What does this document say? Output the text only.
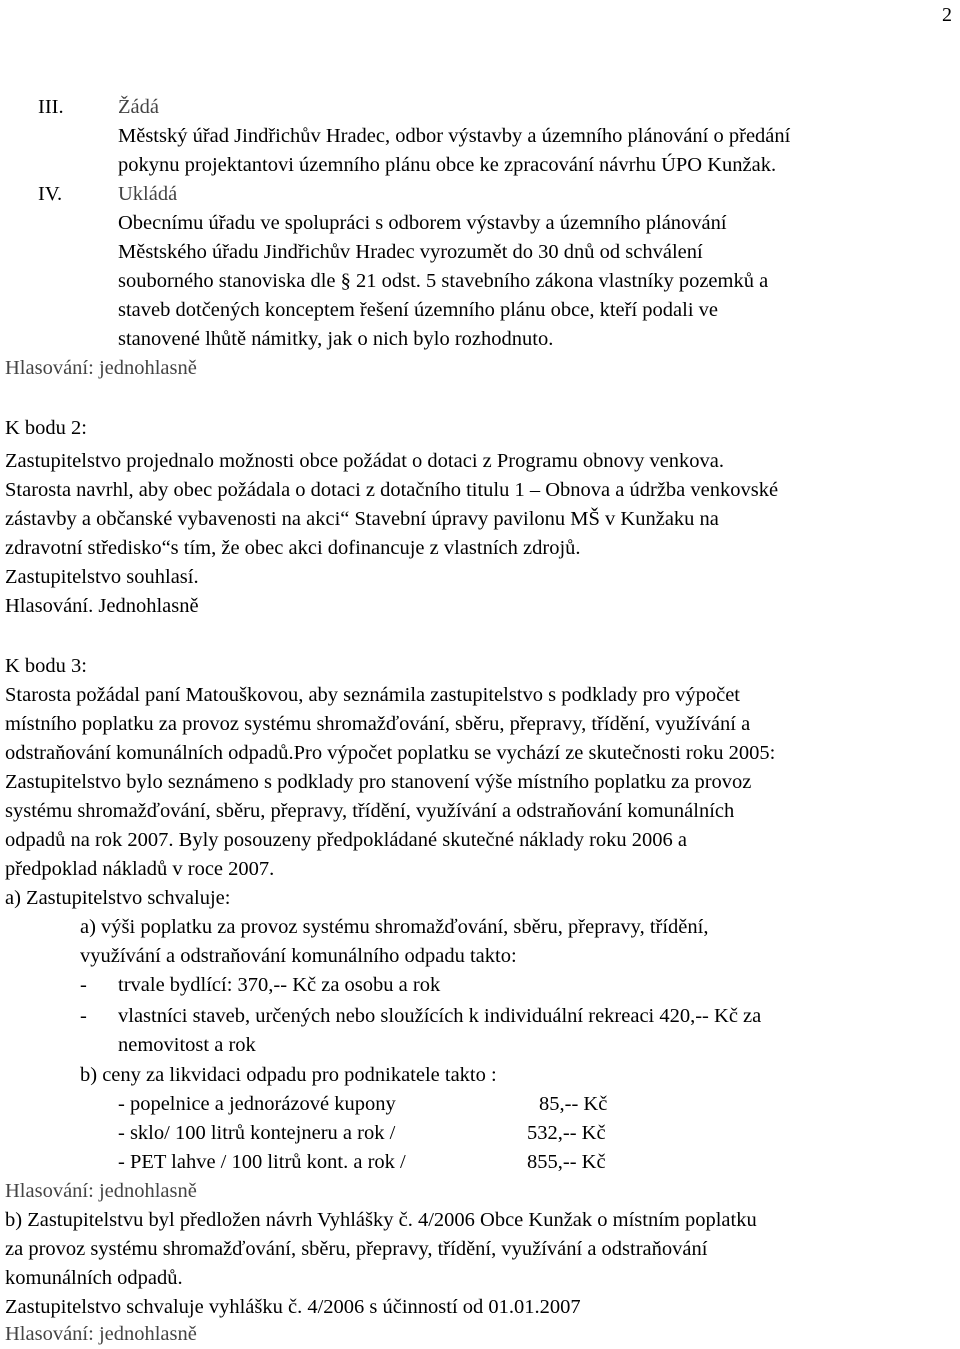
2
III.	Žádá
Městský úřad Jindřichův Hradec, odbor výstavby a územního plánování o předání
pokynu projektantovi územního plánu obce ke zpracování návrhu ÚPO Kunžak.
IV.	Ukládá
Obecnímu úřadu ve spolupráci s odborem výstavby a územního plánování
Městského úřadu Jindřichův Hradec vyrozumět do 30 dnů od schválení
souborného stanoviska dle § 21 odst. 5 stavebního zákona vlastníky pozemků a
staveb dotčených konceptem řešení územního plánu obce, kteří podali ve
stanovené lhůtě námitky, jak o nich bylo rozhodnuto.
Hlasování: jednohlasně
K bodu 2:
Zastupitelstvo projednalo možnosti obce požádat o dotaci z Programu obnovy venkova.
Starosta navrhl, aby obec požádala o dotaci z dotačního titulu 1 – Obnova a údržba venkovské
zástavby a občanské vybavenosti na akci“ Stavební úpravy pavilonu MŠ v Kunžaku na
zdravotní středisko“s tím, že obec akci dofinancuje z vlastních zdrojů.
Zastupitelstvo souhlasí.
Hlasování. Jednohlasně
K bodu 3:
Starosta požádal paní Matouškovou, aby seznámila zastupitelstvo s podklady pro výpočet
místního poplatku za provoz systému shromažďování, sběru, přepravy, třídění, využívání a
odstraňování komunálních odpadů.Pro výpočet poplatku se vychází ze skutečnosti roku 2005:
Zastupitelstvo bylo seznámeno s podklady pro stanovení výše místního poplatku za provoz
systému shromažďování, sběru, přepravy, třídění, využívání a odstraňování komunálních
odpadů na rok 2007. Byly posouzeny předpokládané skutečné náklady roku 2006 a
předpoklad nákladů v roce 2007.
a) Zastupitelstvo schvaluje:
a) výši poplatku za provoz systému shromažďování, sběru, přepravy, třídění,
využívání a odstraňování komunálního odpadu takto:
- trvale bydlící: 370,-- Kč za osobu a rok
- vlastníci staveb, určených nebo sloužících k individuální rekreaci 420,-- Kč za
nemovitost a rok
b) ceny za likvidaci odpadu pro podnikatele takto :
- popelnice a jednorázové kupony	85,-- Kč
- sklo/ 100 litrů kontejneru a rok /	532,-- Kč
- PET lahve / 100 litrů kont. a rok /	855,-- Kč
Hlasování: jednohlasně
b) Zastupitelstvu byl předložen návrh Vyhlášky č. 4/2006 Obce Kunžak o místním poplatku
za provoz systému shromažďování, sběru, přepravy, třídění, využívání a odstraňování
komunálních odpadů.
Zastupitelstvo schvaluje vyhlášku č. 4/2006 s účinností od 01.01.2007
Hlasování: jednohlasně
